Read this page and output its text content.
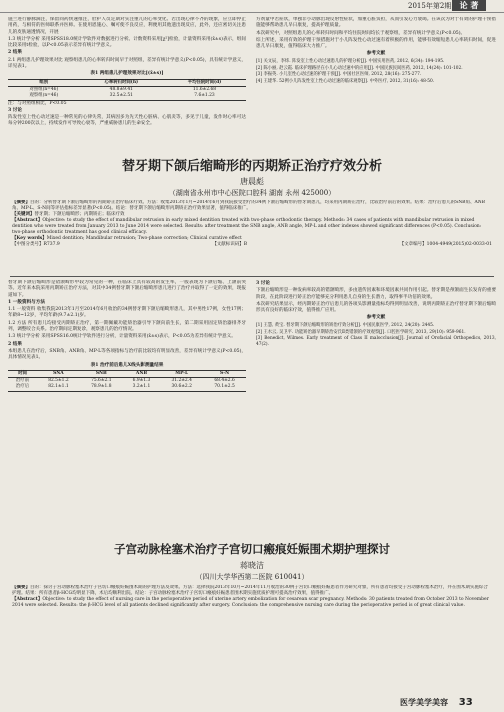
2015年第2期	论 著

施兰进行静脉滴注，保留同药快速推注，肚护人员定期对实注重几的心率变化、若出现心律不齐的现象，应立即停止用药，与相符的医师联系并医师。在使用恩施心、嘱可使不良反应，利便用其他遗出现反应，此外，还应密切关注患儿的皮肤通透情况，开展

1.3 统计学分析 采用SPSS18.0统计学软件对数据进行分析。计数资料采用[χ²]检验，计量资料采用(x̄±s)表示，组间比较采用t检验，以P<0.05表示差异有统计学意义。

2 结果

2.1 两组患儿护理效果对比 观察组患儿的心率转归时间早于对照组，差异有统计学意义(P<0.05)，具有统计学意义，详见表1。

表1 两组患儿护理效果对比[(x̄±s)]
组别	心率转归时间(h)	平均住院时间(d)
对照组(n=46)	48.8±9.41	11.6±2.68
观察组(n=46)	32.5±2.51	7.6±1.23

注：与对照组相比，P<0.05

3 讨论

阵发性室上性心动过速是一种常见的心律失常，其病因多为先天性心脏病、心肌炎等，多见于儿童，发作时心率可达每分钟200次以上，持续发作可导致心衰等，严重威胁患儿的生命安全。

方剂量中若症状，单独非小动脉出现反射性症状，加重心脏负担，从而引发心力衰竭。在该次为对于有效的护理干预措施能够帮助患儿早日康复，提高护理质量。

本次研究中，对照组患儿的心率转归时间和平均住院时间均长于观察组，差异有统计学意义(P<0.05)。

综上所述，采用有效的护理干预措施对于小儿阵发性心动过速有着积极的作用，能够有效缩短患儿心率转归时间，促进患儿早日康复，值得临床大力推广。

参考文献

[1] 关文辰，李炜. 阵发室上性心动过速患儿的护理分析[J]. 中国实用医药, 2012, 6(34): 194-195.

[2] 陈小丽, 赵云霞. 临床护理路径在小儿心动过速中的应用[J]. 中国民族民间医药, 2012, 14(24): 101-102.

[3] 李振英. 小儿室性心动过速的护理干预[J]. 中国社区医师, 2012, 28(16): 275-277.

[4] 王建华. 52例小儿阵发性室上性心动过速的临床观察[J]. 中外医疗, 2012, 31(16): 48-50.

替牙期下颌后缩畸形的丙期矫正治疗疗效分析
唐晨彪
（湖南省永州市中心医院口腔科 湖南 永州 425000）

【摘要】目的：分析替牙期下颌后缩畸形的丙期矫正治疗临床疗效。方法：收集2013年1月~2014年6月到我院接受治疗的34例下颌后缩畸形的替牙期患儿，均采用丙期矫正治疗，比较治疗前后的效果。结果：治疗后患儿的SNB角、ANB角、MP-L、S-N间等评估指标差异显著(P<0.05)。结论：替牙期下颌后缩畸形丙期矫正治疗效果显著，值得临床推广。

【关键词】替牙期；下颌后缩畸形；丙期矫正；临床疗效

【Abstract】Objective: to study the effect of mandibular retrusion in early mixed dentition treated with two-phase orthodontic therapy. Methods: 34 cases of patients with mandibular retrusion in mixed dentition who were treated from January 2013 to June 2014 were selected. Results: after treatment the SNB angle, ANB angle, MP-L and other indexes showed significant differences (P<0.05). Conclusion: two-phase orthodontic treatment has good clinical efficacy.

【Key words】Mixed dentition; Mandibular retrusion; Two-phase correction; Clinical curative effect

【中图分类号】R737.9	【文献标识码】B	【文章编号】1004-4949(2015)02-0033-01

替牙期下颌后缩畸形是错颌畸形中较为常见的一种，在临床上具有较高的发生率，一般表现为下颌后缩、上颌前突等。近年来本院采用丙期矫正治疗方法，对其中34例替牙期下颌后缩畸形患儿进行了治疗并取得了一定的效果，现报道如下。

1 一般资料与方法

1.1 一般资料 收集我院2013年1月至2014年6月收治的34例替牙期下颌后缩畸形患儿，其中男性17例，女性17例；年龄8~12岁，平均年龄(9.7±2.1)岁。

1.2 方法 所有患儿均接受丙期矫正治疗，第一期佩戴功能矫治器引导下颌向前生长，第二期采用固定矫治器排齐牙列，调整咬合关系。治疗期间定期复诊，观察患儿的治疗情况。

1.3 统计学分析 采用SPSS16.0统计学软件进行分析，计量资料采用(x̄±s)表示，P<0.05为差异有统计学意义。

2 结果

本组患儿在治疗后，SNB角、ANB角、MP-L等各项指标与治疗前比较均有明显改善，差异有统计学意义(P<0.05)，具体情况见表1。

表1 治疗前后患儿X线头影测量结果
时间	SNA	SNB	ANB	MP-L	S-N
治疗前	82.5±1.2	75.6±2.1	6.9±1.3	31.2±2.4	68.4±2.6
治疗后	82.1±1.1	78.9±1.8	3.2±1.1	30.6±2.2	70.1±2.5

3 讨论

下颌后缩畸形是一种发病率较高的错颌畸形，多由遗传因素和环境因素共同作用引起。替牙期是颅颌面生长发育的重要阶段，在此阶段进行矫正治疗能够充分利用患儿自身的生长潜力，取得事半功倍的效果。

本次研究结果显示，经丙期矫正治疗后患儿的各项头影测量指标均得到明显改善，说明丙期矫正治疗替牙期下颌后缩畸形具有良好的临床疗效，值得推广应用。

参考文献

[1] 王慧, 黄宝. 替牙期下颌后缩畸形的矫治疗效分析[J]. 中国民康医学, 2012, 24(20): 2445.

[2] 王水云, 吴卫平. 功能矫治器早期矫治安氏Ⅱ类错颌的疗效观察[J]. 口腔医学研究, 2013, 29(10): 959-961.

[3] Benedict, Wilmes. Early treatment of Class II malocclusion[J]. Journal of Orofacial Orthopedics, 2013, 47(2).

子宫动脉栓塞术治疗子宫切口瘢痕妊娠围术期护理探讨
蒋晓洁
（四川大学华西第二医院 610041）

【摘要】目的：探讨子宫动脉栓塞术治疗子宫切口瘢痕妊娠围术期的护理方法及效果。方法：选择我院2013年10月~2014年11月收治的30例子宫切口瘢痕妊娠患者作为研究对象，所有患者均接受子宫动脉栓塞术治疗，并在围术期实施综合护理。结果：所有患者β-HCG均明显下降，术后均顺利出院。结论：子宫动脉栓塞术治疗子宫切口瘢痕妊娠患者围术期实施优质护理可提高治疗效果，值得推广。

【Abstract】Objective: to study the effect of nursing care in the perioperative period of uterine artery embolization for cesarean scar pregnancy. Methods: 30 patients treated from October 2013 to November 2014 were selected. Results: the β-HCG level of all patients declined significantly after surgery. Conclusion: the comprehensive nursing care during the perioperative period is of great clinical value.

医学美学美容 33
